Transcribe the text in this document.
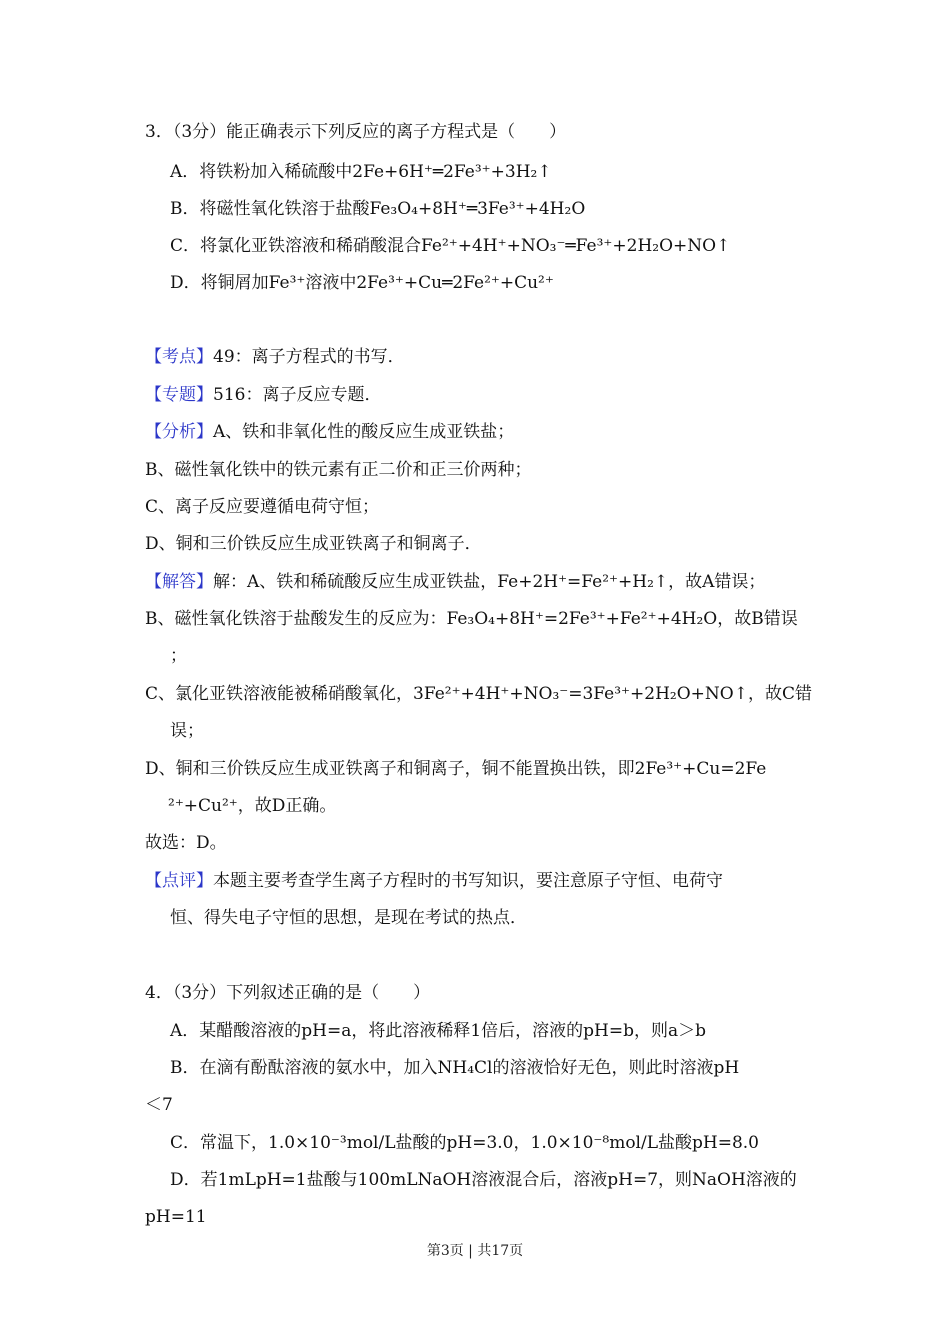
3．（3分）能正确表示下列反应的离子方程式是（　　）
A．将铁粉加入稀硫酸中2Fe+6H⁺═2Fe³⁺+3H₂↑
B．将磁性氧化铁溶于盐酸Fe₃O₄+8H⁺═3Fe³⁺+4H₂O
C．将氯化亚铁溶液和稀硝酸混合Fe²⁺+4H⁺+NO₃⁻═Fe³⁺+2H₂O+NO↑
D．将铜屑加Fe³⁺溶液中2Fe³⁺+Cu═2Fe²⁺+Cu²⁺
【考点】49：离子方程式的书写．
【专题】516：离子反应专题．
【分析】A、铁和非氧化性的酸反应生成亚铁盐；
B、磁性氧化铁中的铁元素有正二价和正三价两种；
C、离子反应要遵循电荷守恒；
D、铜和三价铁反应生成亚铁离子和铜离子．
【解答】解：A、铁和稀硫酸反应生成亚铁盐，Fe+2H⁺=Fe²⁺+H₂↑，故A错误；
B、磁性氧化铁溶于盐酸发生的反应为：Fe₃O₄+8H⁺=2Fe³⁺+Fe²⁺+4H₂O，故B错误
；
C、氯化亚铁溶液能被稀硝酸氧化，3Fe²⁺+4H⁺+NO₃⁻=3Fe³⁺+2H₂O+NO↑，故C错
误；
D、铜和三价铁反应生成亚铁离子和铜离子，铜不能置换出铁，即2Fe³⁺+Cu=2Fe
²⁺+Cu²⁺，故D正确。
故选：D。
【点评】本题主要考查学生离子方程时的书写知识，要注意原子守恒、电荷守
恒、得失电子守恒的思想，是现在考试的热点．
4．（3分）下列叙述正确的是（　　）
A．某醋酸溶液的pH=a，将此溶液稀释1倍后，溶液的pH=b，则a＞b
B．在滴有酚酞溶液的氨水中，加入NH₄Cl的溶液恰好无色，则此时溶液pH
＜7
C．常温下，1.0×10⁻³mol/L盐酸的pH=3.0，1.0×10⁻⁸mol/L盐酸pH=8.0
D．若1mLpH=1盐酸与100mLNaOH溶液混合后，溶液pH=7，则NaOH溶液的
pH=11
第3页 | 共17页
